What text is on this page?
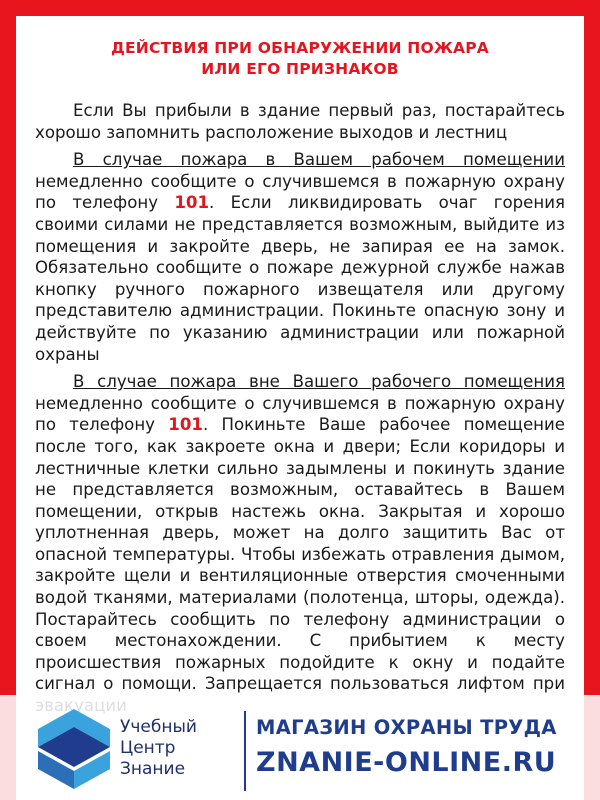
ДЕЙСТВИЯ ПРИ ОБНАРУЖЕНИИ ПОЖАРА
ИЛИ ЕГО ПРИЗНАКОВ

Если Вы прибыли в здание первый раз, постарайтесь хорошо запомнить расположение выходов и лестниц

В случае пожара в Вашем рабочем помещении немедленно сообщите о случившемся в пожарную охрану по телефону 101. Если ликвидировать очаг горения своими силами не представляется возможным, выйдите из помещения и закройте дверь, не запирая ее на замок. Обязательно сообщите о пожаре дежурной службе нажав кнопку ручного пожарного извещателя или другому представителю администрации. Покиньте опасную зону и действуйте по указанию администрации или пожарной охраны

В случае пожара вне Вашего рабочего помещения немедленно сообщите о случившемся в пожарную охрану по телефону 101. Покиньте Ваше рабочее помещение после того, как закроете окна и двери; Если коридоры и лестничные клетки сильно задымлены и покинуть здание не представляется возможным, оставайтесь в Вашем помещении, открыв настежь окна. Закрытая и хорошо уплотненная дверь, может на долго защитить Вас от опасной температуры. Чтобы избежать отравления дымом, закройте щели и вентиляционные отверстия смоченными водой тканями, материалами (полотенца, шторы, одежда). Постарайтесь сообщить по телефону администрации о своем местонахождении. С прибытием к месту происшествия пожарных подойдите к окну и подайте сигнал о помощи. Запрещается пользоваться лифтом при

Учебный
Центр
Знание
МАГАЗИН ОХРАНЫ ТРУДА
ZNANIE-ONLINE.RU
